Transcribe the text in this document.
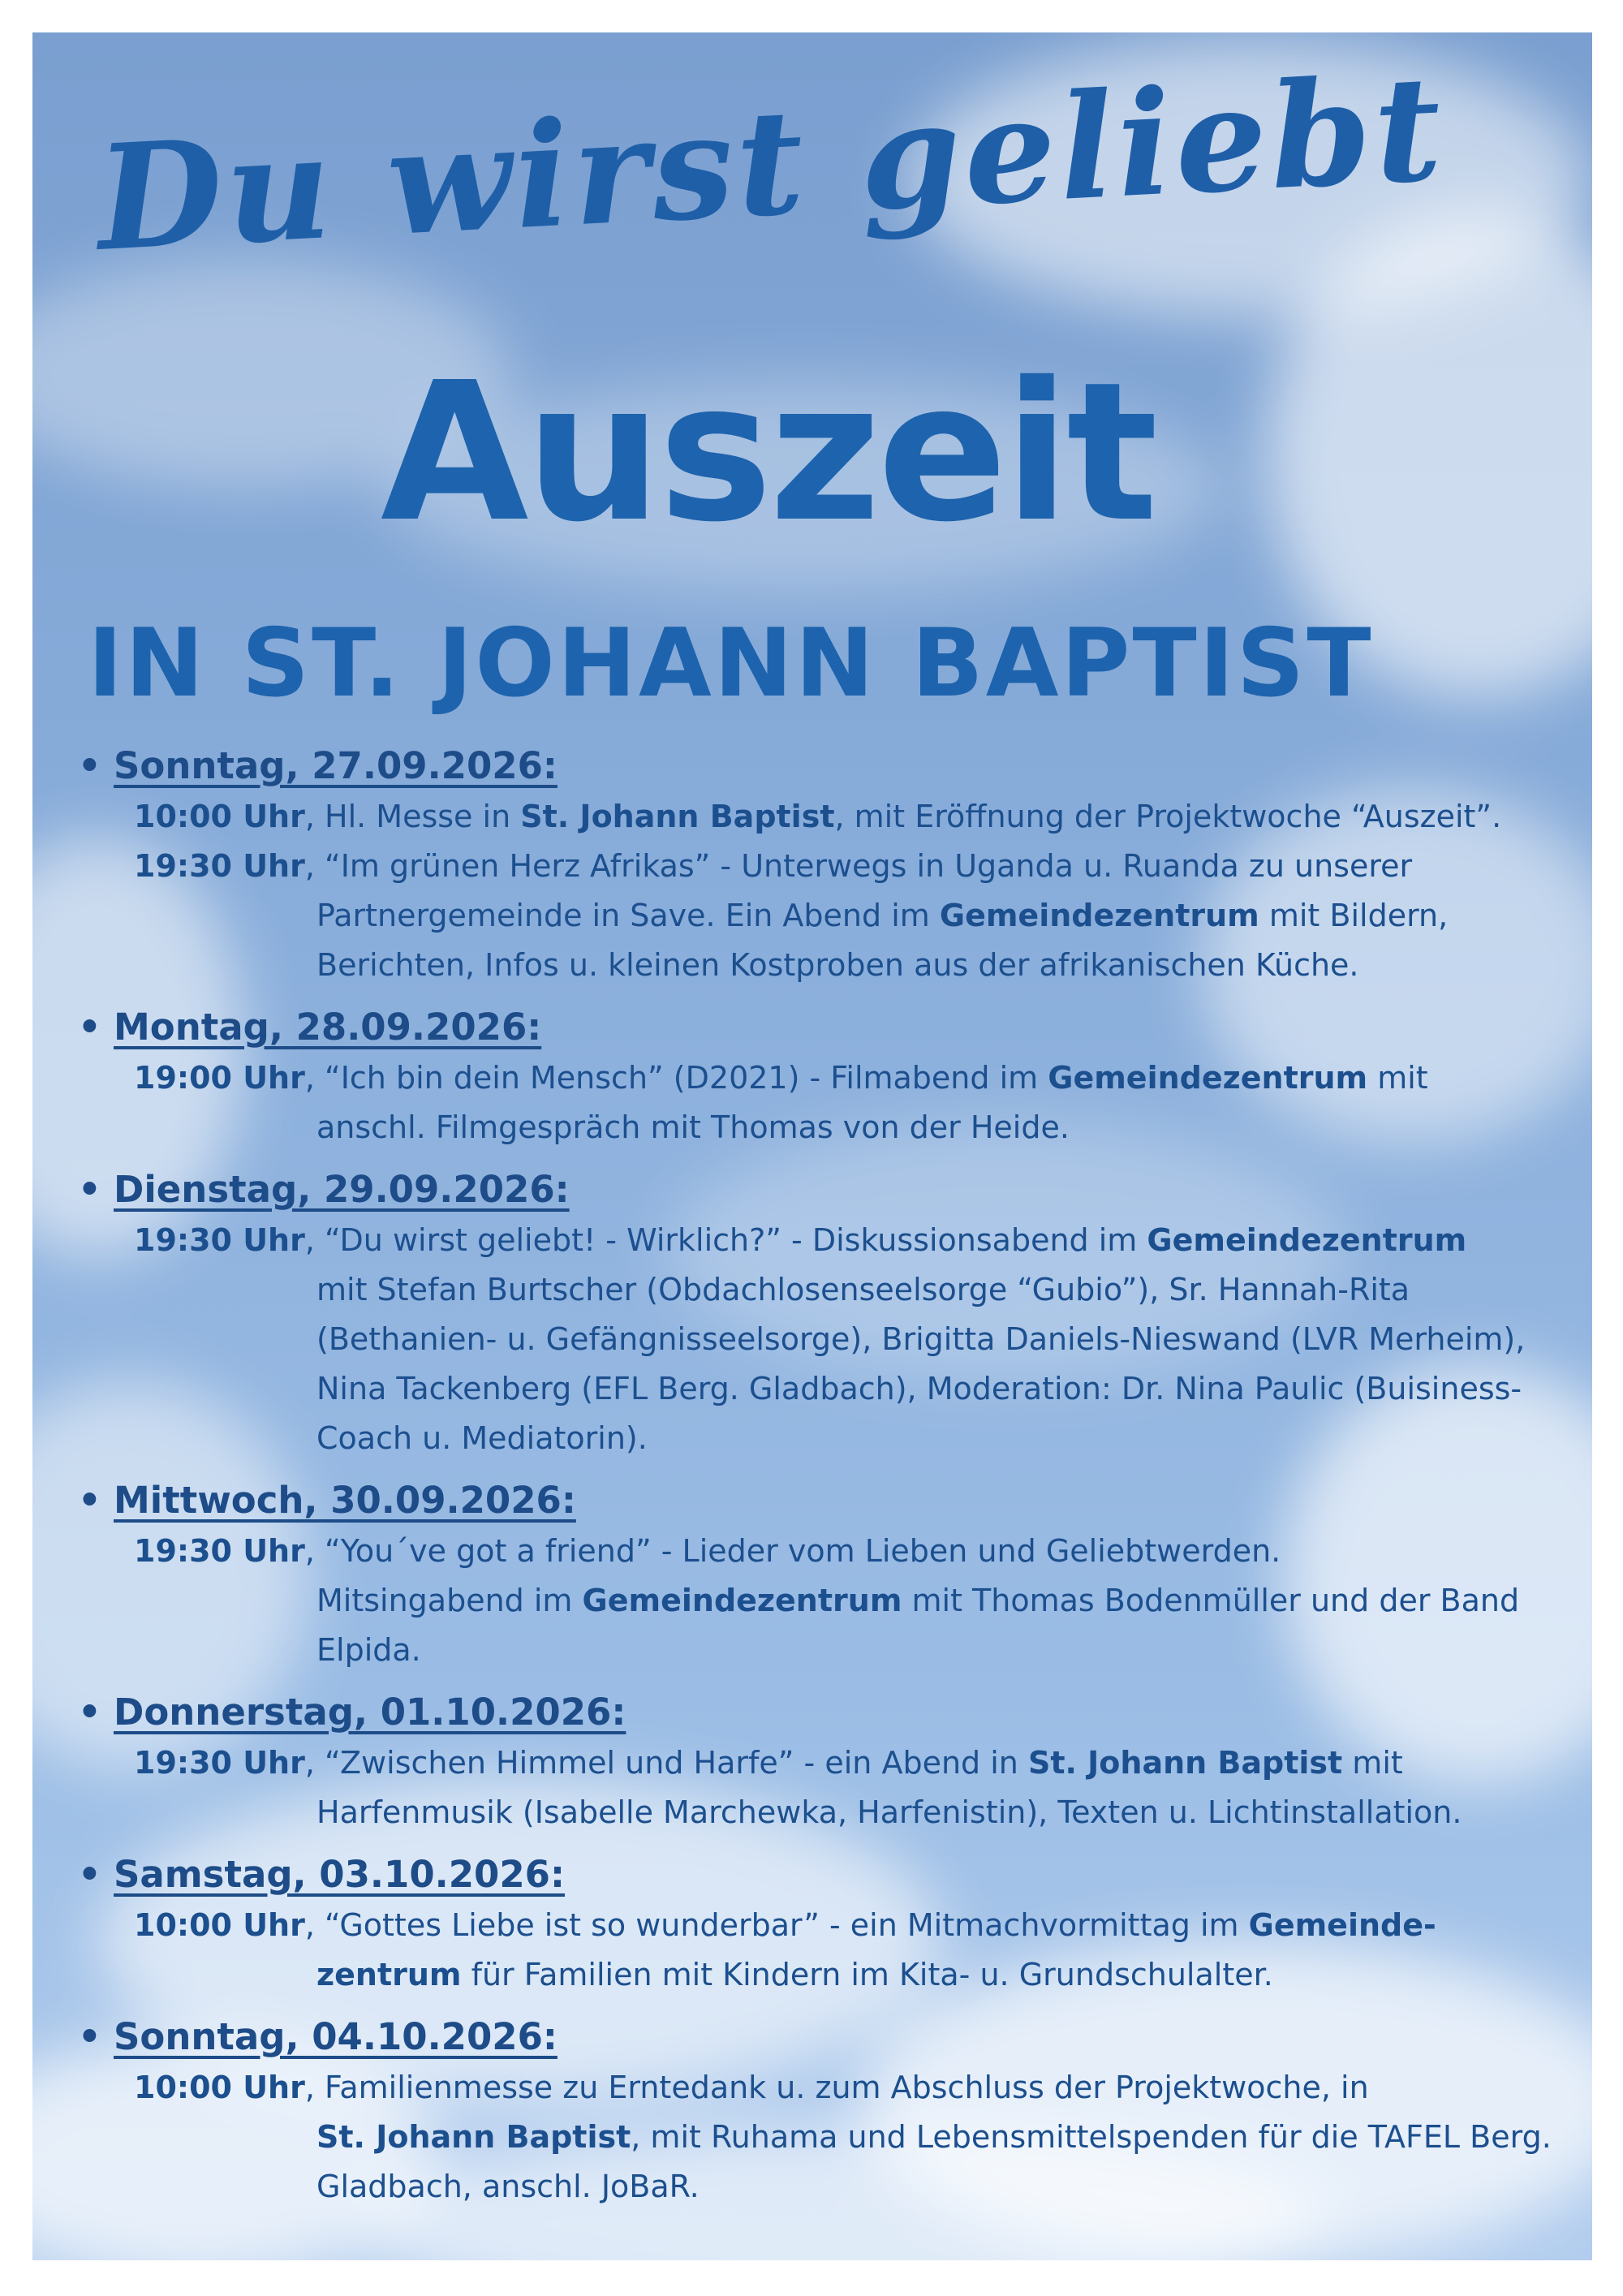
Du wirst geliebt
Auszeit
IN ST. JOHANN BAPTIST
• Sonntag, 27.09.2026:
10:00 Uhr, Hl. Messe in St. Johann Baptist, mit Eröffnung der Projektwoche “Auszeit”.

19:30 Uhr, “Im grünen Herz Afrikas” - Unterwegs in Uganda u. Ruanda zu unserer

Partnergemeinde in Save. Ein Abend im Gemeindezentrum mit Bildern,
Berichten, Infos u. kleinen Kostproben aus der afrikanischen Küche.
• Montag, 28.09.2026:
19:00 Uhr, “Ich bin dein Mensch” (D2021) - Filmabend im Gemeindezentrum mit

anschl. Filmgespräch mit Thomas von der Heide.
• Dienstag, 29.09.2026:
19:30 Uhr, “Du wirst geliebt! - Wirklich?” - Diskussionsabend im Gemeindezentrum

mit Stefan Burtscher (Obdachlosenseelsorge “Gubio”), Sr. Hannah-Rita
(Bethanien- u. Gefängnisseelsorge), Brigitta Daniels-Nieswand (LVR Merheim),
Nina Tackenberg (EFL Berg. Gladbach), Moderation: Dr. Nina Paulic (Buisiness-
Coach u. Mediatorin).
• Mittwoch, 30.09.2026:
19:30 Uhr, “You´ve got a friend” - Lieder vom Lieben und Geliebtwerden.

Mitsingabend im Gemeindezentrum mit Thomas Bodenmüller und der Band
Elpida.
• Donnerstag, 01.10.2026:
19:30 Uhr, “Zwischen Himmel und Harfe” - ein Abend in St. Johann Baptist mit

Harfenmusik (Isabelle Marchewka, Harfenistin), Texten u. Lichtinstallation.
• Samstag, 03.10.2026:
10:00 Uhr, “Gottes Liebe ist so wunderbar” - ein Mitmachvormittag im Gemeinde-

zentrum für Familien mit Kindern im Kita- u. Grundschulalter.
• Sonntag, 04.10.2026:
10:00 Uhr, Familienmesse zu Erntedank u. zum Abschluss der Projektwoche, in

St. Johann Baptist, mit Ruhama und Lebensmittelspenden für die TAFEL Berg.
Gladbach, anschl. JoBaR.
